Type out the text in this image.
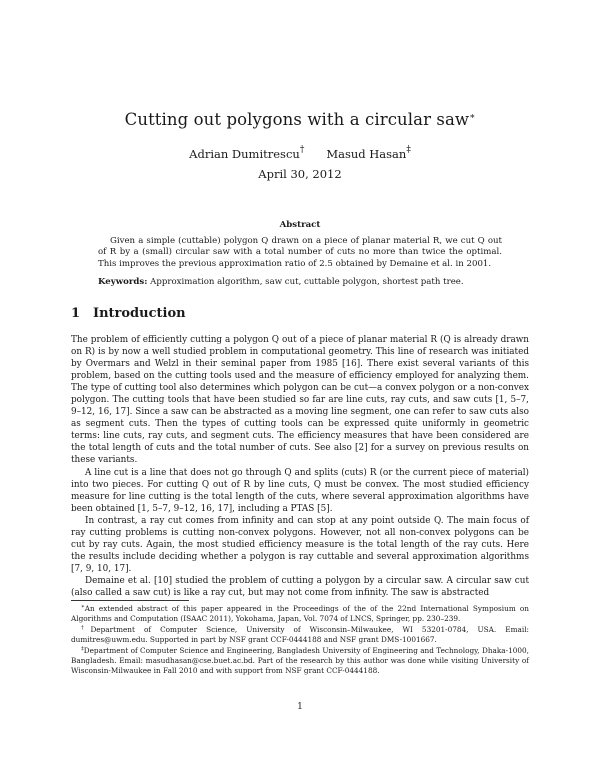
Cutting out polygons with a circular saw∗
Adrian Dumitrescu† Masud Hasan‡
April 30, 2012
Abstract
Given a simple (cuttable) polygon Q drawn on a piece of planar material R, we cut Q out of R by a (small) circular saw with a total number of cuts no more than twice the optimal. This improves the previous approximation ratio of 2.5 obtained by Demaine et al. in 2001.
Keywords: Approximation algorithm, saw cut, cuttable polygon, shortest path tree.
1 Introduction

The problem of efficiently cutting a polygon Q out of a piece of planar material R (Q is already drawn on R) is by now a well studied problem in computational geometry. This line of research was initiated by Overmars and Welzl in their seminal paper from 1985 [16]. There exist several variants of this problem, based on the cutting tools used and the measure of efficiency employed for analyzing them. The type of cutting tool also determines which polygon can be cut—a convex polygon or a non-convex polygon. The cutting tools that have been studied so far are line cuts, ray cuts, and saw cuts [1, 5–7, 9–12, 16, 17]. Since a saw can be abstracted as a moving line segment, one can refer to saw cuts also as segment cuts. Then the types of cutting tools can be expressed quite uniformly in geometric terms: line cuts, ray cuts, and segment cuts. The efficiency measures that have been considered are the total length of cuts and the total number of cuts. See also [2] for a survey on previous results on these variants.

A line cut is a line that does not go through Q and splits (cuts) R (or the current piece of material) into two pieces. For cutting Q out of R by line cuts, Q must be convex. The most studied efficiency measure for line cutting is the total length of the cuts, where several approximation algorithms have been obtained [1, 5–7, 9–12, 16, 17], including a PTAS [5].

In contrast, a ray cut comes from infinity and can stop at any point outside Q. The main focus of ray cutting problems is cutting non-convex polygons. However, not all non-convex polygons can be cut by ray cuts. Again, the most studied efficiency measure is the total length of the ray cuts. Here the results include deciding whether a polygon is ray cuttable and several approximation algorithms [7, 9, 10, 17].

Demaine et al. [10] studied the problem of cutting a polygon by a circular saw. A circular saw cut (also called a saw cut) is like a ray cut, but may not come from infinity. The saw is abstracted

∗An extended abstract of this paper appeared in the Proceedings of the of the 22nd International Symposium on Algorithms and Computation (ISAAC 2011), Yokohama, Japan, Vol. 7074 of LNCS, Springer, pp. 230–239.

†Department of Computer Science, University of Wisconsin–Milwaukee, WI 53201-0784, USA. Email: dumitres@uwm.edu. Supported in part by NSF grant CCF-0444188 and NSF grant DMS-1001667.

‡Department of Computer Science and Engineering, Bangladesh University of Engineering and Technology, Dhaka-1000, Bangladesh. Email: masudhasan@cse.buet.ac.bd. Part of the research by this author was done while visiting University of Wisconsin-Milwaukee in Fall 2010 and with support from NSF grant CCF-0444188.

1
